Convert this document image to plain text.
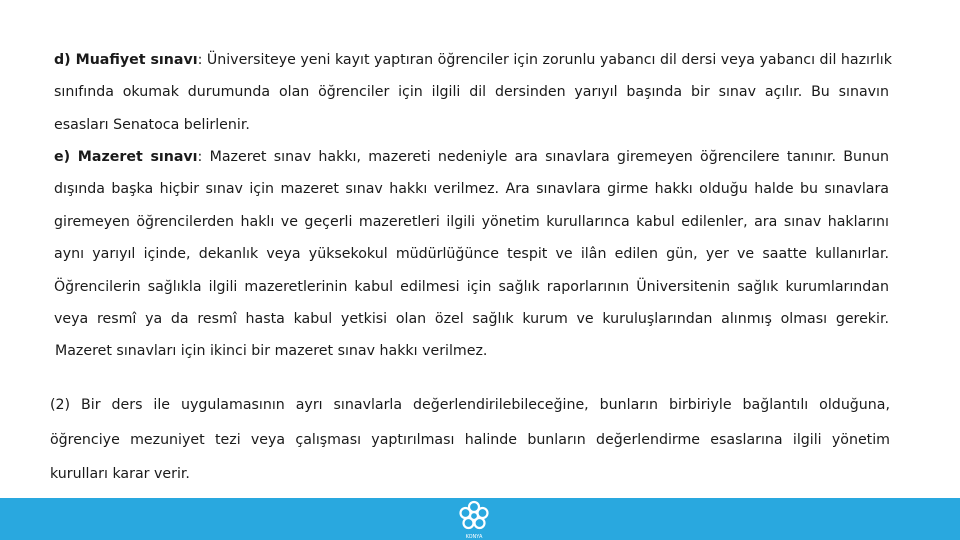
d) Muafiyet sınavı: Üniversiteye yeni kayıt yaptıran öğrenciler için zorunlu yabancı dil dersi veya yabancı dil hazırlık
sınıfında okumak durumunda olan öğrenciler için ilgili dil dersinden yarıyıl başında bir sınav açılır. Bu sınavın
esasları Senatoca belirlenir.
e) Mazeret sınavı: Mazeret sınav hakkı, mazereti nedeniyle ara sınavlara giremeyen öğrencilere tanınır. Bunun
dışında başka hiçbir sınav için mazeret sınav hakkı verilmez. Ara sınavlara girme hakkı olduğu halde bu sınavlara
giremeyen öğrencilerden haklı ve geçerli mazeretleri ilgili yönetim kurullarınca kabul edilenler, ara sınav haklarını
aynı yarıyıl içinde, dekanlık veya yüksekokul müdürlüğünce tespit ve ilân edilen gün, yer ve saatte kullanırlar.
Öğrencilerin sağlıkla ilgili mazeretlerinin kabul edilmesi için sağlık raporlarının Üniversitenin sağlık kurumlarından
veya resmî ya da resmî hasta kabul yetkisi olan özel sağlık kurum ve kuruluşlarından alınmış olması gerekir.
Mazeret sınavları için ikinci bir mazeret sınav hakkı verilmez.
(2) Bir ders ile uygulamasının ayrı sınavlarla değerlendirilebileceğine, bunların birbiriyle bağlantılı olduğuna,
öğrenciye mezuniyet tezi veya çalışması yaptırılması halinde bunların değerlendirme esaslarına ilgili yönetim
kurulları karar verir.
KONYA
